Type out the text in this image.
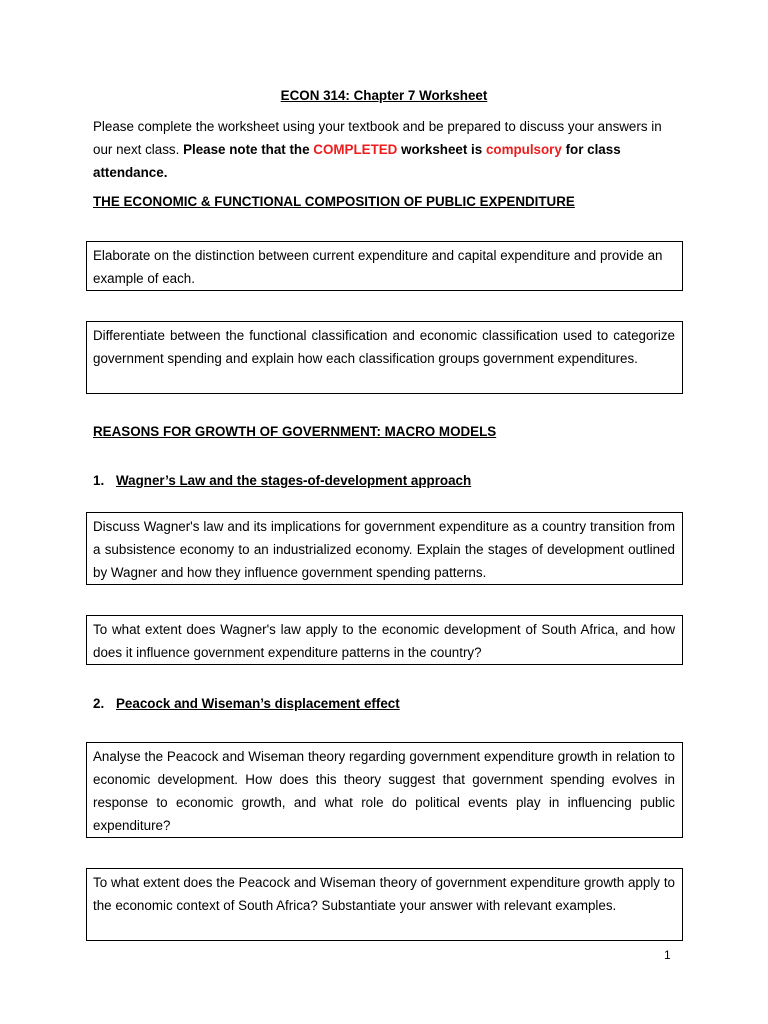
ECON 314: Chapter 7 Worksheet
Please complete the worksheet using your textbook and be prepared to discuss your answers in our next class. Please note that the COMPLETED worksheet is compulsory for class attendance.
THE ECONOMIC & FUNCTIONAL COMPOSITION OF PUBLIC EXPENDITURE
Elaborate on the distinction between current expenditure and capital expenditure and provide an example of each.
Differentiate between the functional classification and economic classification used to categorize government spending and explain how each classification groups government expenditures.
REASONS FOR GROWTH OF GOVERNMENT: MACRO MODELS
1. Wagner’s Law and the stages-of-development approach
Discuss Wagner's law and its implications for government expenditure as a country transition from a subsistence economy to an industrialized economy. Explain the stages of development outlined by Wagner and how they influence government spending patterns.
To what extent does Wagner's law apply to the economic development of South Africa, and how does it influence government expenditure patterns in the country?
2. Peacock and Wiseman’s displacement effect
Analyse the Peacock and Wiseman theory regarding government expenditure growth in relation to economic development. How does this theory suggest that government spending evolves in response to economic growth, and what role do political events play in influencing public expenditure?
To what extent does the Peacock and Wiseman theory of government expenditure growth apply to the economic context of South Africa? Substantiate your answer with relevant examples.
1
